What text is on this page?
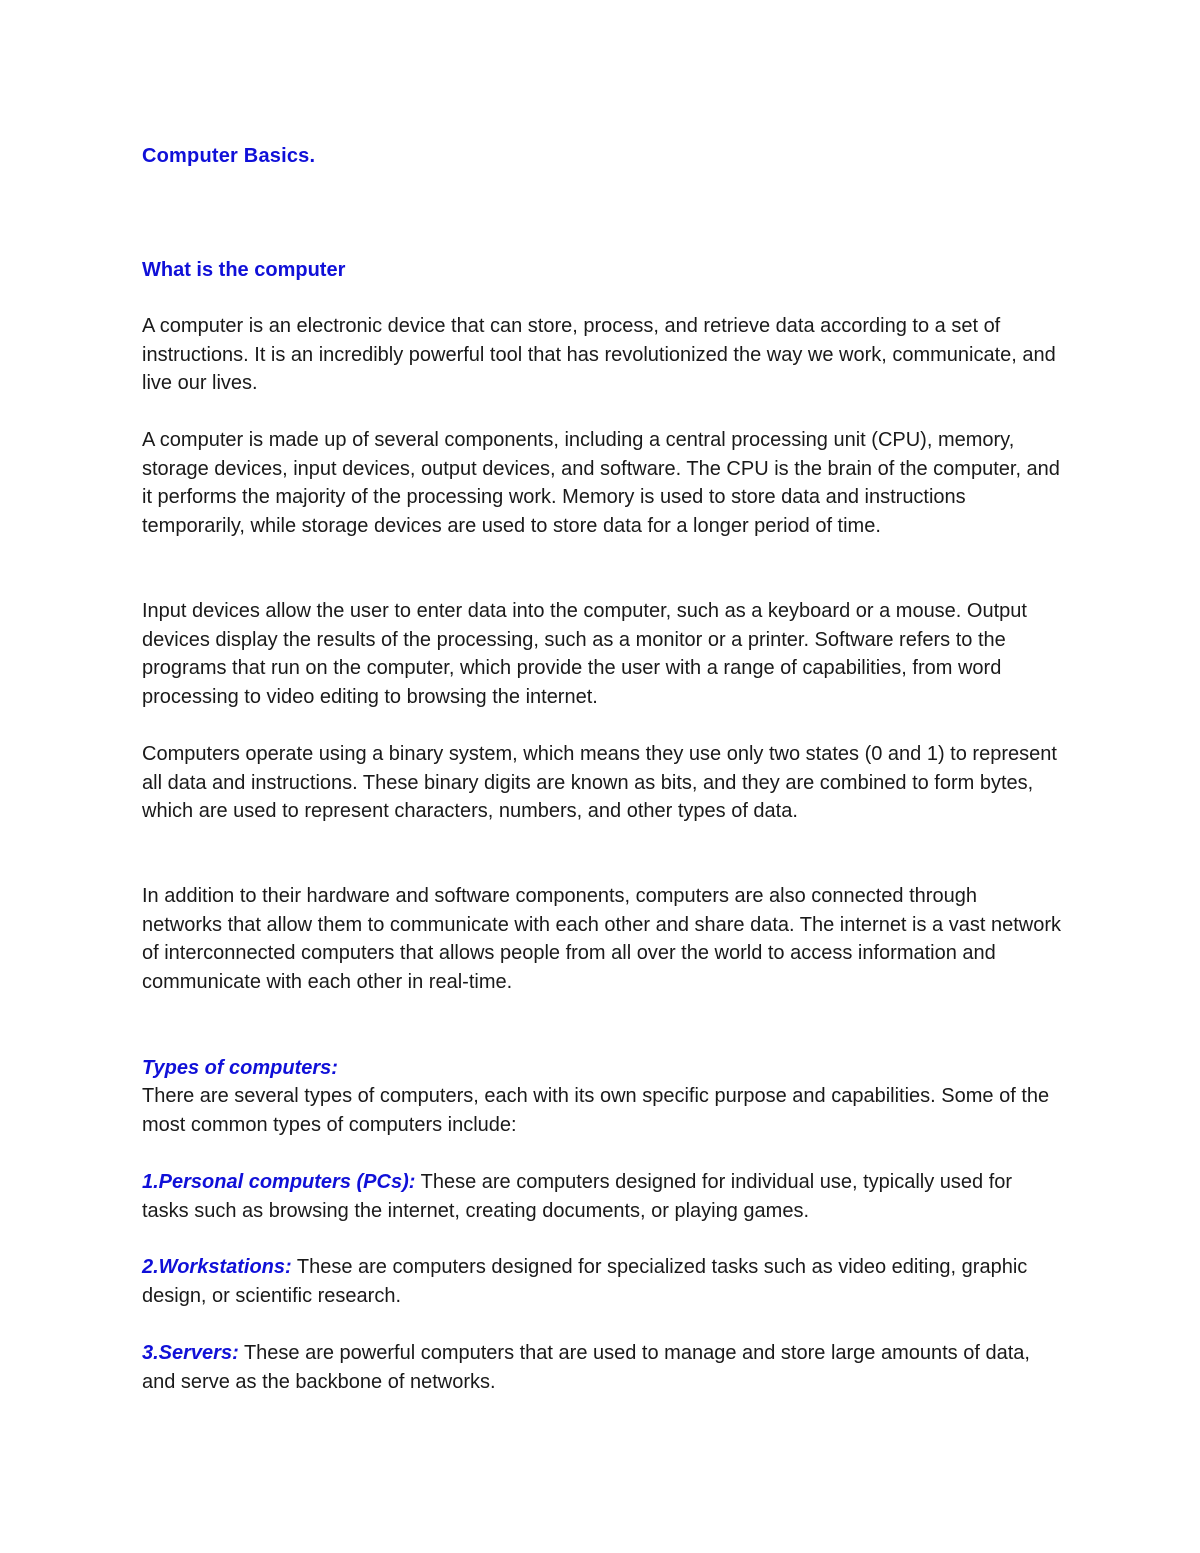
Computer Basics.
What is the computer

A computer is an electronic device that can store, process, and retrieve data according to a set of instructions. It is an incredibly powerful tool that has revolutionized the way we work, communicate, and live our lives.

A computer is made up of several components, including a central processing unit (CPU), memory, storage devices, input devices, output devices, and software. The CPU is the brain of the computer, and it performs the majority of the processing work. Memory is used to store data and instructions temporarily, while storage devices are used to store data for a longer period of time.

Input devices allow the user to enter data into the computer, such as a keyboard or a mouse. Output devices display the results of the processing, such as a monitor or a printer. Software refers to the programs that run on the computer, which provide the user with a range of capabilities, from word processing to video editing to browsing the internet.

Computers operate using a binary system, which means they use only two states (0 and 1) to represent all data and instructions. These binary digits are known as bits, and they are combined to form bytes, which are used to represent characters, numbers, and other types of data.

In addition to their hardware and software components, computers are also connected through networks that allow them to communicate with each other and share data. The internet is a vast network of interconnected computers that allows people from all over the world to access information and communicate with each other in real-time.

Types of computers:

There are several types of computers, each with its own specific purpose and capabilities. Some of the most common types of computers include:

1.Personal computers (PCs): These are computers designed for individual use, typically used for tasks such as browsing the internet, creating documents, or playing games.

2.Workstations: These are computers designed for specialized tasks such as video editing, graphic design, or scientific research.

3.Servers: These are powerful computers that are used to manage and store large amounts of data, and serve as the backbone of networks.
